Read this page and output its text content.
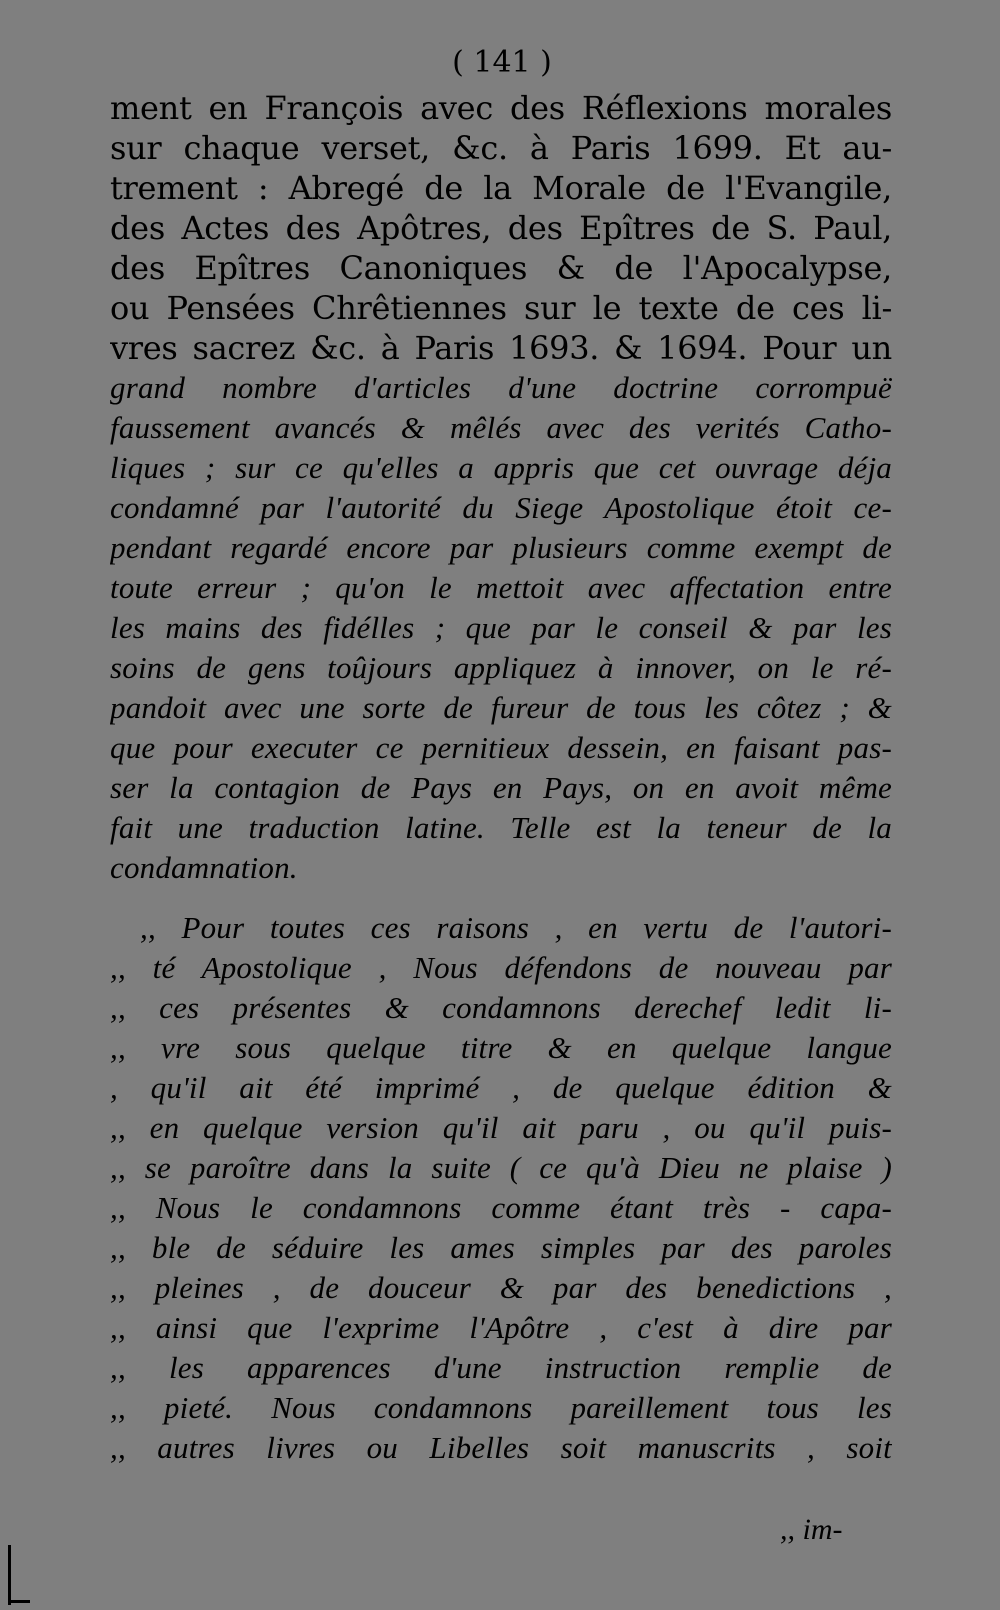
( 141 )
ment en François avec des Réflexions morales
sur chaque verset, &c. à Paris 1699. Et au-
trement : Abregé de la Morale de l'Evangile,
des Actes des Apôtres, des Epîtres de S. Paul,
des Epîtres Canoniques & de l'Apocalypse,
ou Pensées Chrêtiennes sur le texte de ces li-
vres sacrez &c. à Paris 1693. & 1694. Pour un
grand nombre d'articles d'une doctrine corrompuë
faussement avancés & mêlés avec des verités Catho-
liques ; sur ce qu'elles a appris que cet ouvrage déja
condamné par l'autorité du Siege Apostolique étoit ce-
pendant regardé encore par plusieurs comme exempt de
toute erreur ; qu'on le mettoit avec affectation entre
les mains des fidélles ; que par le conseil & par les
soins de gens toûjours appliquez à innover, on le ré-
pandoit avec une sorte de fureur de tous les côtez ; &
que pour executer ce pernitieux dessein, en faisant pas-
ser la contagion de Pays en Pays, on en avoit même
fait une traduction latine. Telle est la teneur de la
condamnation.
,, Pour toutes ces raisons , en vertu de l'autori-
,, té Apostolique , Nous défendons de nouveau par
,, ces présentes & condamnons derechef ledit li-
,, vre sous quelque titre & en quelque langue
, qu'il ait été imprimé , de quelque édition &
,, en quelque version qu'il ait paru , ou qu'il puis-
,, se paroître dans la suite ( ce qu'à Dieu ne plaise )
,, Nous le condamnons comme étant très - capa-
,, ble de séduire les ames simples par des paroles
,, pleines , de douceur & par des benedictions ,
,, ainsi que l'exprime l'Apôtre , c'est à dire par
,, les apparences d'une instruction remplie de
,, pieté. Nous condamnons pareillement tous les
,, autres livres ou Libelles soit manuscrits , soit
,, im-
